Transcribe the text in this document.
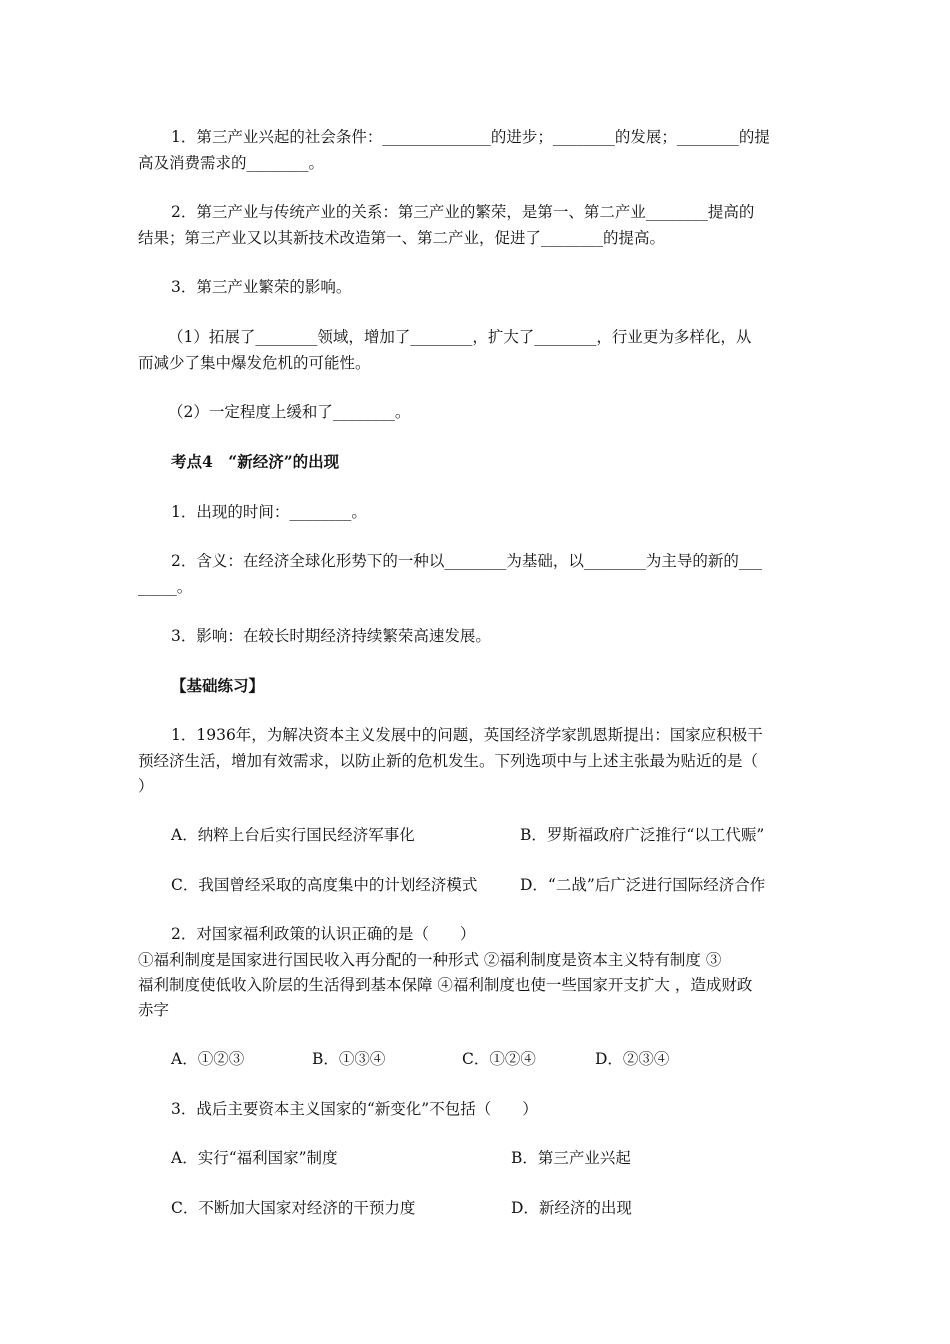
1．第三产业兴起的社会条件：______________的进步；________的发展；________的提
高及消费需求的________。
2．第三产业与传统产业的关系：第三产业的繁荣，是第一、第二产业________提高的
结果；第三产业又以其新技术改造第一、第二产业，促进了________的提高。
3．第三产业繁荣的影响。
（1）拓展了________领域，增加了________，扩大了________，行业更为多样化，从
而减少了集中爆发危机的可能性。
（2）一定程度上缓和了________。
考点4　“新经济”的出现
1．出现的时间：________。
2．含义：在经济全球化形势下的一种以________为基础，以________为主导的新的___
_____。
3．影响：在较长时期经济持续繁荣高速发展。
【基础练习】
1．1936年，为解决资本主义发展中的问题，英国经济学家凯恩斯提出：国家应积极干
预经济生活，增加有效需求，以防止新的危机发生。下列选项中与上述主张最为贴近的是（
）
A．纳粹上台后实行国民经济军事化	B．罗斯福政府广泛推行“以工代赈”
C．我国曾经采取的高度集中的计划经济模式	D．“二战”后广泛进行国际经济合作
2．对国家福利政策的认识正确的是（　　）
①福利制度是国家进行国民收入再分配的一种形式 ②福利制度是资本主义特有制度 ③
福利制度使低收入阶层的生活得到基本保障 ④福利制度也使一些国家开支扩大 ，造成财政
赤字
A．①②③	B．①③④	C．①②④	D．②③④
3．战后主要资本主义国家的“新变化”不包括（　　）
A．实行“福利国家”制度	B．第三产业兴起
C．不断加大国家对经济的干预力度	D．新经济的出现
